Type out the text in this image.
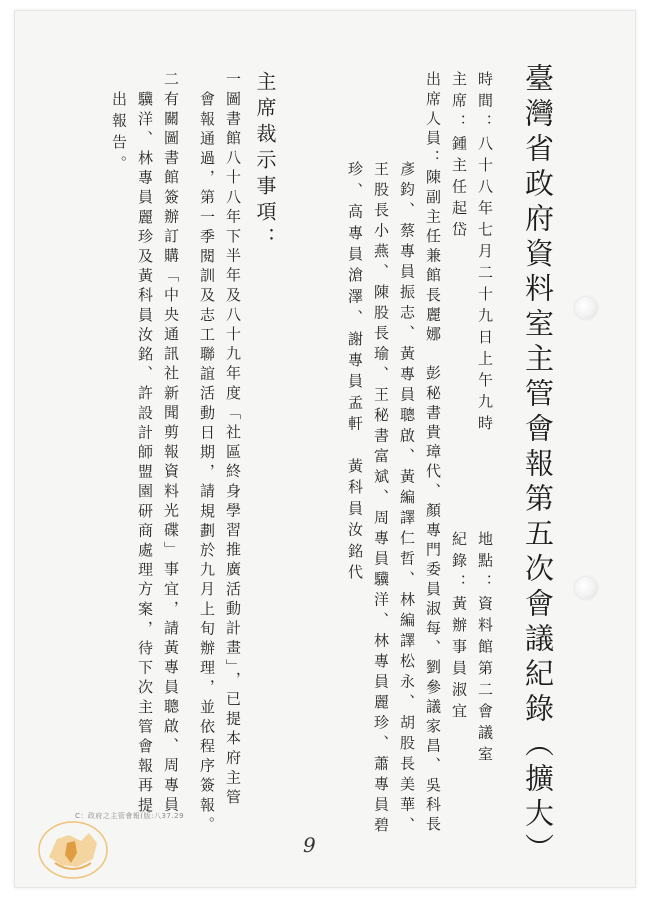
臺灣省政府資料室主管會報第五次會議紀錄（擴大）
時間：八十八年七月二十九日上午九時
地點：資料館第二會議室
主席：鍾主任起岱
紀錄：黃辦事員淑宜
出席人員：陳副主任兼館長麗娜　彭秘書貴璋代、顏專門委員淑每、劉參議家昌、吳科長
彥鈞、蔡專員振志、黃專員聰啟、黃編譯仁哲、林編譯松永、胡股長美華、
王股長小燕、陳股長瑜、王秘書富斌、周專員驥洋、林專員麗珍、蕭專員碧
珍、高專員滄澤、謝專員孟軒　黃科員汝銘代
主席裁示事項：
一圖書館八十八年下半年及八十九年度「社區終身學習推廣活動計畫」，已提本府主管
會報通過，第一季閱訓及志工聯誼活動日期，請規劃於九月上旬辦理，並依程序簽報。
二有關圖書館簽辦訂購「中央通訊社新聞剪報資料光碟」事宜，請黃專員聰啟、周專員
驥洋、林專員麗珍及黃科員汝銘、許設計師盟園研商處理方案，待下次主管會報再提
出報告。
9
C：政府之主管會報(版:八37.29
